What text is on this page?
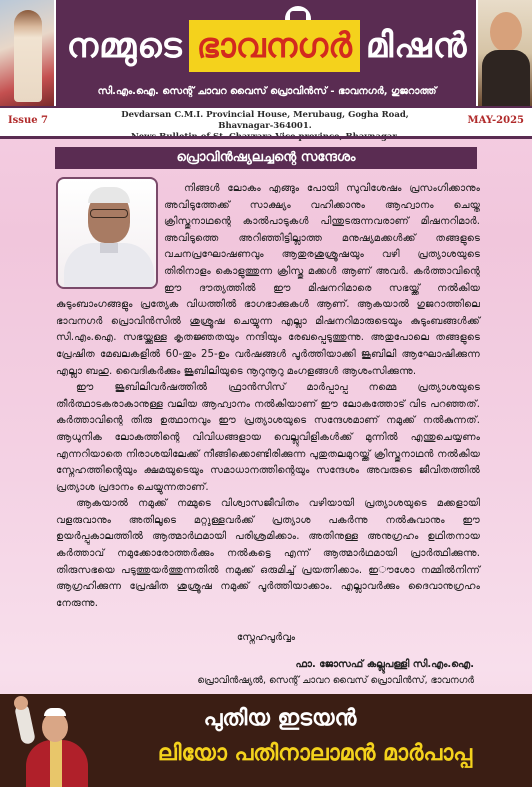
നമ്മുടെ ഭാവനഗർ മിഷൻ
സി.എം.ഐ. സെന്റ് ചാവറ വൈസ് പ്രൊവിൻസ് - ഭാവനഗർ, ഗുജറാത്ത്
Issue 7	Devdarsan C.M.I. Provincial House, Merubaug, Gogha Road, Bhavnagar-364001.	MAY-2025
പ്രൊവിൻഷ്യലച്ചന്റെ സന്ദേശം

നിങ്ങൾ ലോകം എങ്ങും പോയി സുവിശേഷം പ്രസംഗിക്കാനും അവിടുത്തേക്ക് സാക്ഷ്യം വഹിക്കാനും ആഹ്വാനം ചെയ്ത ക്രിസ്തുനാഥന്റെ കാൽപാടുകൾ പിന്തുടരുന്നവരാണ് മിഷനറിമാർ. അവിടുത്തെ അറിഞ്ഞിട്ടില്ലാത്ത മനുഷ്യമക്കൾക്ക് തങ്ങളുടെ വചനപ്രഘോഷണവും ആതുരശുശ്രൂഷയും വഴി പ്രത്യാശയുടെ തിരിനാളം കൊളുത്തുന്ന ക്രിസ്തു മക്കൾ ആണ് അവർ. കർത്താവിന്റെ ഈ ദൗത്യത്തിൽ ഈ മിഷനറിമാരെ സഭയ്ക്ക് നൽകിയ കുടുംബാംഗങ്ങളും പ്രത്യേക വിധത്തിൽ ഭാഗഭാക്കുകൾ ആണ്. ആകയാൽ ഗുജറാത്തിലെ ഭാവനഗർ പ്രൊവിൻസിൽ ശുശ്രൂഷ ചെയ്യുന്ന എല്ലാ മിഷനറിമാരുടെയും കുടുംബങ്ങൾക്ക് സി.എം.ഐ. സഭയ്ക്കുള്ള കൃതജ്ഞതയും നന്ദിയും രേഖപ്പെടുത്തുന്നു. അതുപോലെ തങ്ങളുടെ പ്രേഷിത മേഖലകളിൽ 60-തും 25-ഉം വർഷങ്ങൾ പൂർത്തിയാക്കി ജൂബിലി ആഘോഷിക്കുന്ന എല്ലാ ബഹു. വൈദികർക്കും ജൂബിലിയുടെ നൂറുനൂറു മംഗളങ്ങൾ ആശംസിക്കുന്നു.

ഈ ജൂബിലിവർഷത്തിൽ ഫ്രാൻസിസ് മാർപ്പാപ്പ നമ്മെ പ്രത്യാശയുടെ തീർത്ഥാടകരാകാനുള്ള വലിയ ആഹ്വാനം നൽകിയാണ് ഈ ലോകത്തോട് വിട പറഞ്ഞത്. കർത്താവിന്റെ തിരു ഉത്ഥാനവും ഈ പ്രത്യാശയുടെ സന്ദേശമാണ് നമുക്ക് നൽകുന്നത്. ആധുനിക ലോകത്തിന്റെ വിവിധങ്ങളായ വെല്ലുവിളികൾക്ക് മുന്നിൽ എന്തുചെയ്യണം എന്നറിയാതെ നിരാശയിലേക്ക് നീങ്ങിക്കൊണ്ടിരിക്കുന്ന പുതുതലമുറയ്ക്ക് ക്രിസ്തുനാഥൻ നൽകിയ സ്നേഹത്തിന്റെയും ക്ഷമയുടെയും സമാധാനത്തിന്റെയും സന്ദേശം അവരുടെ ജീവിതത്തിൽ പ്രത്യാശ പ്രദാനം ചെയ്യുന്നതാണ്.

ആകയാൽ നമുക്ക് നമ്മുടെ വിശ്വാസജീവിതം വഴിയായി പ്രത്യാശയുടെ മക്കളായി വളരുവാനും അതിലൂടെ മറ്റുള്ളവർക്ക് പ്രത്യാശ പകർന്നു നൽകുവാനും ഈ ഉയർപ്പുകാലത്തിൽ ആത്മാർഥമായി പരിശ്രമിക്കാം. അതിനുള്ള അനുഗ്രഹം ഉഥിതനായ കർത്താവ് നമുക്കോരോത്തർക്കും നൽകട്ടെ എന്ന് ആത്മാർഥമായി പ്രാർത്ഥിക്കുന്നു. തിരുസഭയെ പടുത്തുയർത്തുന്നതിൽ നമുക്ക് ഒരുമിച്ച് പ്രയത്നിക്കാം. ഇൗശോ നമ്മിൽനിന്ന് ആഗ്രഹിക്കുന്ന പ്രേഷിത ശുശ്രൂഷ നമുക്ക് പൂർത്തിയാക്കാം. എല്ലാവർക്കും ദൈവാനുഗ്രഹം നേരുന്നു.

സ്നേഹപൂർവ്വം
ഫാ. ജോസഫ് കല്ലുപള്ളി സി.എം.ഐ.
പ്രൊവിൻഷ്യൽ, സെന്റ് ചാവറ വൈസ് പ്രൊവിൻസ്, ഭാവനഗർ
പുതിയ ഇടയൻ
ലിയോ പതിനാലാമൻ മാർപാപ്പ
